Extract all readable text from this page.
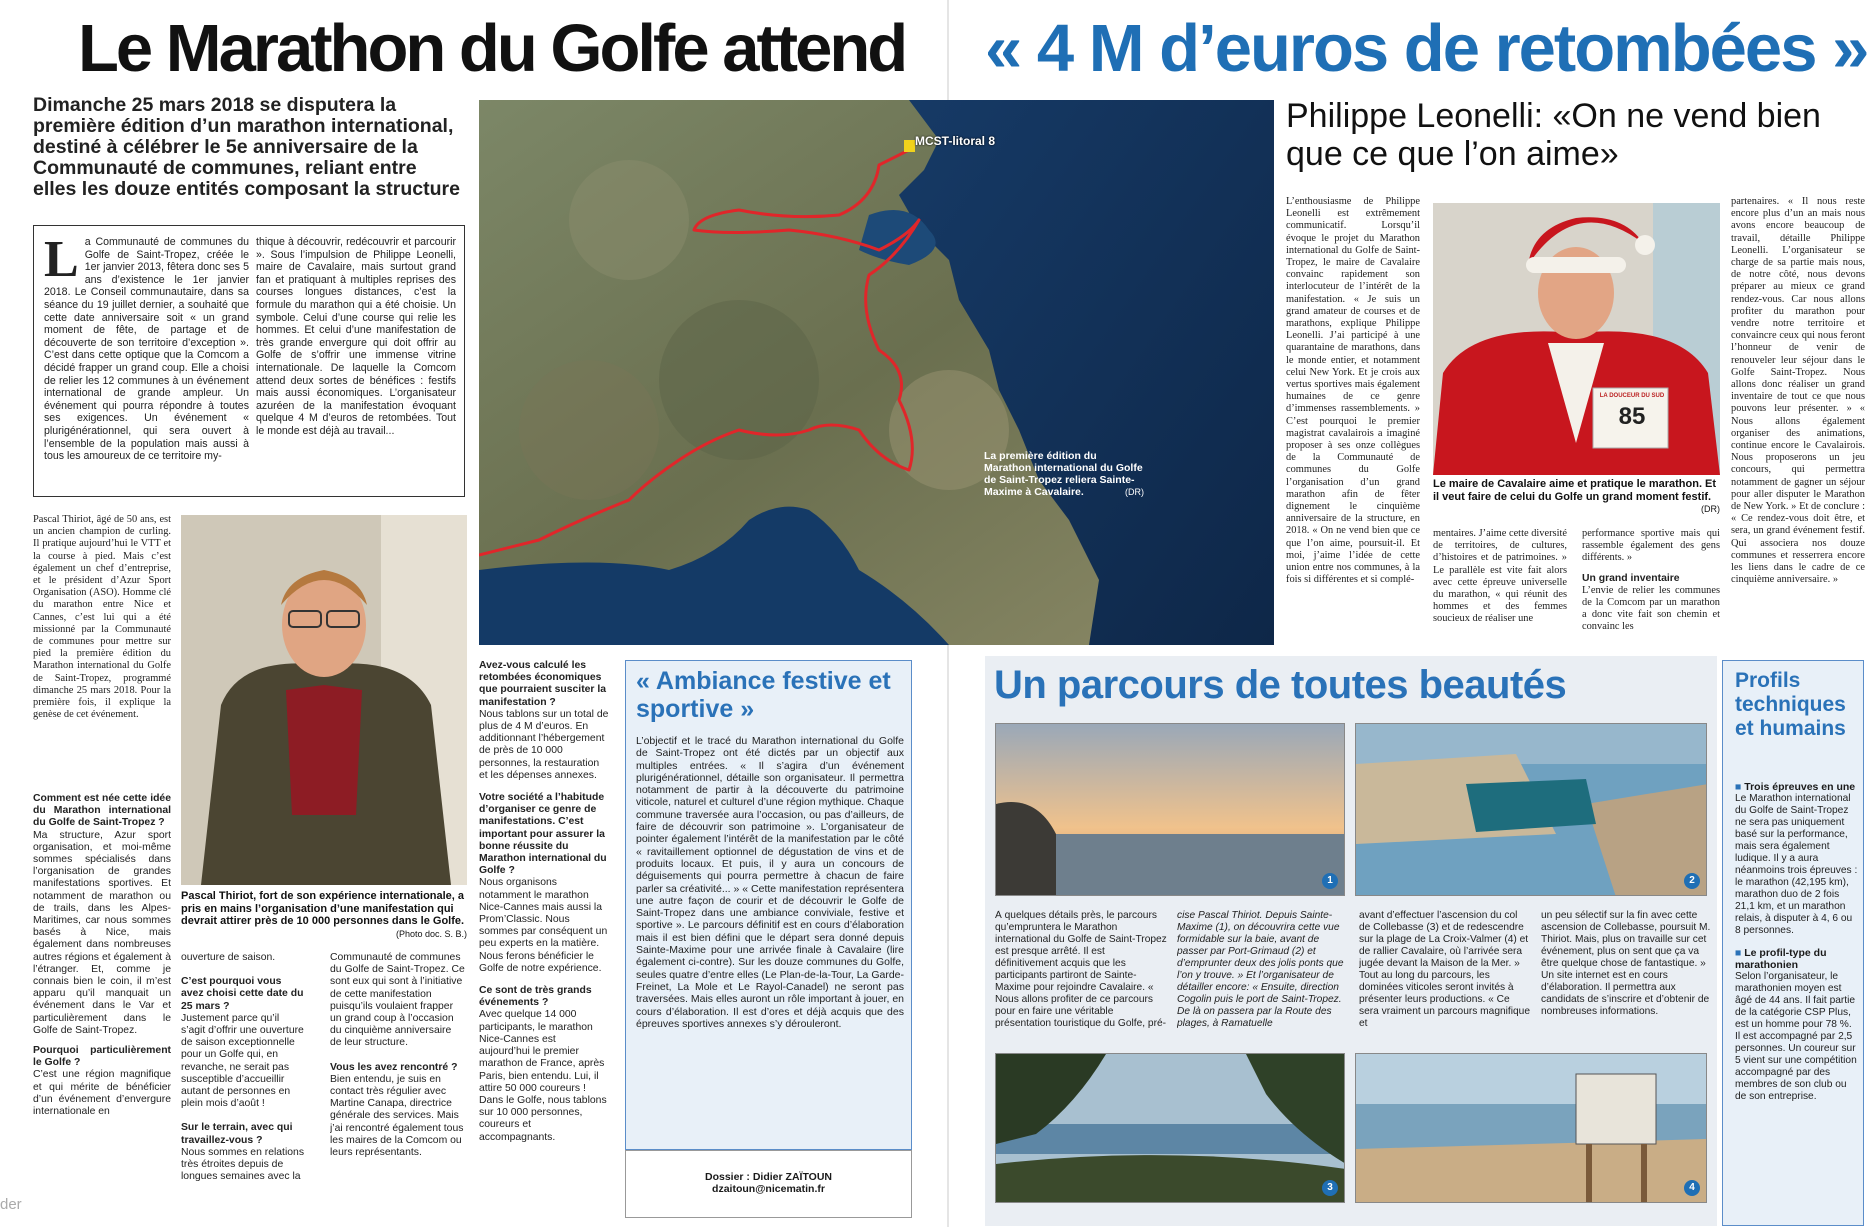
Le Marathon du Golfe attend
Dimanche 25 mars 2018 se disputera la première édition d’un marathon international, destiné à célébrer le 5e anniversaire de la Communauté de communes, reliant entre elles les douze entités composant la structure
La Communauté de communes du Golfe de Saint-Tropez, créée le 1er janvier 2013, fêtera donc ses 5 ans d’existence le 1er janvier 2018. Le Conseil communautaire, dans sa séance du 19 juillet dernier, a souhaité que cette date anniversaire soit « un grand moment de fête, de partage et de découverte de son territoire d’exception ». C’est dans cette optique que la Comcom a décidé frapper un grand coup. Elle a choisi de relier les 12 communes à un événement international de grande ampleur. Un événement qui pourra répondre à toutes ses exigences. Un événement « plurigénérationnel, qui sera ouvert à l’ensemble de la population mais aussi à tous les amoureux de ce territoire my-
thique à découvrir, redécouvrir et parcourir ». Sous l’impulsion de Philippe Leonelli, maire de Cavalaire, mais surtout grand fan et pratiquant à multiples reprises des courses longues distances, c’est la formule du marathon qui a été choisie. Un symbole. Celui d’une course qui relie les hommes. Et celui d’une manifestation de très grande envergure qui doit offrir au Golfe de s’offrir une immense vitrine internationale. De laquelle la Comcom attend deux sortes de bénéfices : festifs mais aussi économiques. L’organisateur azuréen de la manifestation évoquant quelque 4 M d’euros de retombées. Tout le monde est déjà au travail...
Pascal Thiriot, âgé de 50 ans, est un ancien champion de curling. Il pratique aujourd’hui le VTT et la course à pied. Mais c’est également un chef d’entreprise, et le président d’Azur Sport Organisation (ASO). Homme clé du marathon entre Nice et Cannes, c’est lui qui a été missionné par la Communauté de communes pour mettre sur pied la première édition du Marathon international du Golfe de Saint-Tropez, programmé dimanche 25 mars 2018. Pour la première fois, il explique la genèse de cet événement.
Comment est née cette idée du Marathon international du Golfe de Saint-Tropez ?
Ma structure, Azur sport organisation, et moi-même sommes spécialisés dans l’organisation de grandes manifestations sportives. Et notamment de marathon ou de trails, dans les Alpes-Maritimes, car nous sommes basés à Nice, mais également dans nombreuses autres régions et également à l’étranger. Et, comme je connais bien le coin, il m’est apparu qu’il manquait un événement dans le Var et particulièrement dans le Golfe de Saint-Tropez.
Pourquoi particulièrement le Golfe ?
C’est une région magnifique et qui mérite de bénéficier d’un événement d’envergure internationale en
Pascal Thiriot, fort de son expérience internationale, a pris en mains l’organisation d’une manifestation qui devrait attirer près de 10 000 personnes dans le Golfe.
(Photo doc. S. B.)
ouverture de saison.
C’est pourquoi vous avez choisi cette date du 25 mars ?
Justement parce qu’il s’agit d’offrir une ouverture de saison exceptionnelle pour un Golfe qui, en revanche, ne serait pas susceptible d’accueillir autant de personnes en plein mois d’août !
Sur le terrain, avec qui travaillez-vous ?
Nous sommes en relations très étroites depuis de longues semaines avec la
Communauté de communes du Golfe de Saint-Tropez. Ce sont eux qui sont à l’initiative de cette manifestation puisqu’ils voulaient frapper un grand coup à l’occasion du cinquième anniversaire de leur structure.
Vous les avez rencontré ?
Bien entendu, je suis en contact très régulier avec Martine Canapa, directrice générale des services. Mais j’ai rencontré également tous les maires de la Comcom ou leurs représentants.
Avez-vous calculé les retombées économiques que pourraient susciter la manifestation ?
Nous tablons sur un total de plus de 4 M d’euros. En additionnant l’hébergement de près de 10 000 personnes, la restauration et les dépenses annexes.
Votre société a l’habitude d’organiser ce genre de manifestations. C’est important pour assurer la bonne réussite du Marathon international du Golfe ?
Nous organisons notamment le marathon Nice-Cannes mais aussi la Prom’Classic. Nous sommes par conséquent un peu experts en la matière. Nous ferons bénéficier le Golfe de notre expérience.
Ce sont de très grands événements ?
Avec quelque 14 000 participants, le marathon Nice-Cannes est aujourd’hui le premier marathon de France, après Paris, bien entendu. Lui, il attire 50 000 coureurs ! Dans le Golfe, nous tablons sur 10 000 personnes, coureurs et accompagnants.
« Ambiance festive et sportive »
L’objectif et le tracé du Marathon international du Golfe de Saint-Tropez ont été dictés par un objectif aux multiples entrées. « Il s’agira d’un événement plurigénérationnel, détaille son organisateur. Il permettra notamment de partir à la découverte du patrimoine viticole, naturel et culturel d’une région mythique. Chaque commune traversée aura l’occasion, ou pas d’ailleurs, de faire de découvrir son patrimoine ». L’organisateur de pointer également l’intérêt de la manifestation par le côté « ravitaillement optionnel de dégustation de vins et de produits locaux. Et puis, il y aura un concours de déguisements qui pourra permettre à chacun de faire parler sa créativité... » « Cette manifestation représentera une autre façon de courir et de découvrir le Golfe de Saint-Tropez dans une ambiance conviviale, festive et sportive ». Le parcours définitif est en cours d’élaboration mais il est bien défini que le départ sera donné depuis Sainte-Maxime pour une arrivée finale à Cavalaire (lire également ci-contre). Sur les douze communes du Golfe, seules quatre d’entre elles (Le Plan-de-la-Tour, La Garde-Freinet, La Mole et Le Rayol-Canadel) ne seront pas traversées. Mais elles auront un rôle important à jouer, en cours d’élaboration. Il est d’ores et déjà acquis que des épreuves sportives annexes s’y dérouleront.
Dossier : Didier ZAÏTOUN
dzaitoun@nicematin.fr
der
MCST-litoral 8
La première édition du Marathon international du Golfe de Saint-Tropez reliera Sainte-Maxime à Cavalaire.	(DR)
« 4 M d’euros de retombées »
Philippe Leonelli: «On ne vend bien que ce que l’on aime»
L’enthousiasme de Philippe Leonelli est extrêmement communicatif. Lorsqu’il évoque le projet du Marathon international du Golfe de Saint-Tropez, le maire de Cavalaire convainc rapidement son interlocuteur de l’intérêt de la manifestation. « Je suis un grand amateur de courses et de marathons, explique Philippe Leonelli. J’ai participé à une quarantaine de marathons, dans le monde entier, et notamment celui New York. Et je crois aux vertus sportives mais également humaines de ce genre d’immenses rassemblements. » C’est pourquoi le premier magistrat cavalairois a imaginé proposer à ses onze collègues de la Communauté de communes du Golfe l’organisation d’un grand marathon afin de fêter dignement le cinquième anniversaire de la structure, en 2018. « On ne vend bien que ce que l’on aime, poursuit-il. Et moi, j’aime l’idée de cette union entre nos communes, à la fois si différentes et si complé-
LA DOUCEUR DU SUD
85
Le maire de Cavalaire aime et pratique le marathon. Et il veut faire de celui du Golfe un grand moment festif.
(DR)
mentaires. J’aime cette diversité de territoires, de cultures, d’histoires et de patrimoines. » Le parallèle est vite fait alors avec cette épreuve universelle du marathon, « qui réunit des hommes et des femmes soucieux de réaliser une
performance sportive mais qui rassemble également des gens différents. »
Un grand inventaire
L’envie de relier les communes de la Comcom par un marathon a donc vite fait son chemin et convainc les
partenaires. « Il nous reste encore plus d’un an mais nous avons encore beaucoup de travail, détaille Philippe Leonelli. L’organisateur se charge de sa partie mais nous, de notre côté, nous devons préparer au mieux ce grand rendez-vous. Car nous allons profiter du marathon pour vendre notre territoire et convaincre ceux qui nous feront l’honneur de venir de renouveler leur séjour dans le Golfe Saint-Tropez. Nous allons donc réaliser un grand inventaire de tout ce que nous pouvons leur présenter. » « Nous allons également organiser des animations, continue encore le Cavalairois. Nous proposerons un jeu concours, qui permettra notamment de gagner un séjour pour aller disputer le Marathon de New York. » Et de conclure : « Ce rendez-vous doit être, et sera, un grand événement festif. Qui associera nos douze communes et resserrera encore les liens dans le cadre de ce cinquième anniversaire. »
Un parcours de toutes beautés
1	2
À quelques détails près, le parcours qu’empruntera le Marathon international du Golfe de Saint-Tropez est presque arrêté. Il est définitivement acquis que les participants partiront de Sainte-Maxime pour rejoindre Cavalaire. « Nous allons profiter de ce parcours pour en faire une véritable présentation touristique du Golfe, pré-
cise Pascal Thiriot. Depuis Sainte-Maxime (1), on découvrira cette vue formidable sur la baie, avant de passer par Port-Grimaud (2) et d’emprunter deux des jolis ponts que l’on y trouve. » Et l’organisateur de détailler encore: « Ensuite, direction Cogolin puis le port de Saint-Tropez. De là on passera par la Route des plages, à Ramatuelle
avant d’effectuer l’ascension du col de Collebasse (3) et de redescendre sur la plage de La Croix-Valmer (4) et de rallier Cavalaire, où l’arrivée sera jugée devant la Maison de la Mer. » Tout au long du parcours, les dominées viticoles seront invités à présenter leurs productions. « Ce sera vraiment un parcours magnifique et
un peu sélectif sur la fin avec cette ascension de Collebasse, poursuit M. Thiriot. Mais, plus on travaille sur cet événement, plus on sent que ça va être quelque chose de fantastique. » Un site internet est en cours d’élaboration. Il permettra aux candidats de s’inscrire et d’obtenir de nombreuses informations.
3	4
Profils techniques et humains
■ Trois épreuves en une
Le Marathon international du Golfe de Saint-Tropez ne sera pas uniquement basé sur la performance, mais sera également ludique. Il y a aura néanmoins trois épreuves : le marathon (42,195 km), marathon duo de 2 fois 21,1 km, et un marathon relais, à disputer à 4, 6 ou 8 personnes.
■ Le profil-type du marathonien
Selon l’organisateur, le marathonien moyen est âgé de 44 ans. Il fait partie de la catégorie CSP Plus, est un homme pour 78 %. Il est accompagné par 2,5 personnes. Un coureur sur 5 vient sur une compétition accompagné par des membres de son club ou de son entreprise.
